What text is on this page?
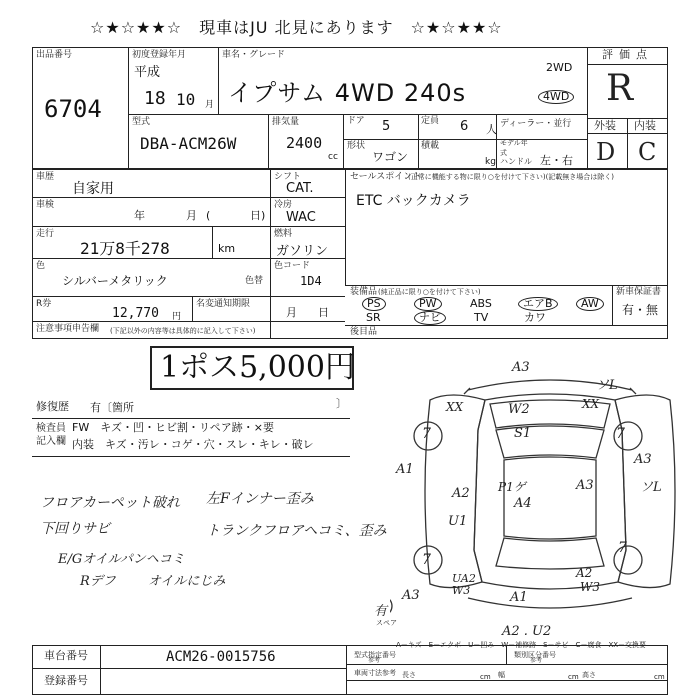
☆★☆★★☆　現車はJU 北見にあります　☆★☆★★☆
出品番号
6704
初度登録年月
平成
18 10 月
車名・グレード
イプサム 4WD 240s
2WD
4WD
評価点
R
外装 内装
D C
型式
DBA-ACM26W
排気量
2400
cc
ドア 5	定員 6 人 ディーラー・並行
形状
ワゴン
積載
kg
モデル年式
ハンドル 左・右
車歴
自家用
車検
年	月 (	日)
走行
21万8千278	km
シフト
CAT.
冷房
WAC
燃料
ガソリン
色
シルバーメタリック	色替
色コード
1D4
R券
12,770 円
名変通知期限
月 日
セールスポイント
(正常に機能する物に限り○を付けて下さい)(記載無き場合は除く)
ETC バックカメラ
装備品 (純正品に限り○を付けて下さい)
PS	PW	ABS	エアB	AW
SR	ナビ	TV	カワ
新車保証書
有・無
注意事項申告欄 (下記以外の内容等は具体的に記入して下さい)
1ポス5,000円
後目品
修復歴 有〔箇所	〕
検査員
記入欄
FW　キズ・凹・ヒビ割・リペア跡・×要
内装　キズ・汚レ・コゲ・穴・スレ・キレ・破レ
フロアカーペット破れ 左Fインナー歪み
下回りサビ	トランクフロアヘコミ、歪み
E/Gオイルパンヘコミ
Rデフ オイルにじみ
A3
ソL
XX	XX
W2
S1
7	7
A1
A3
ソL
P1ゲ	A3
A2
A4
U1
7
7
UA2
W3
A2
W3
A3	A1
有
スペア
A2 . U2
A－キズ　E－エクボ　U－凹み　W－補修跡　S－サビ　C－腐食　XX－交換要
車台番号	ACM26-0015756
登録番号
型式指定番号
参考
類別区分番号
参考
車両寸法参考 長さ	cm 幅	cm 高さ	cm
